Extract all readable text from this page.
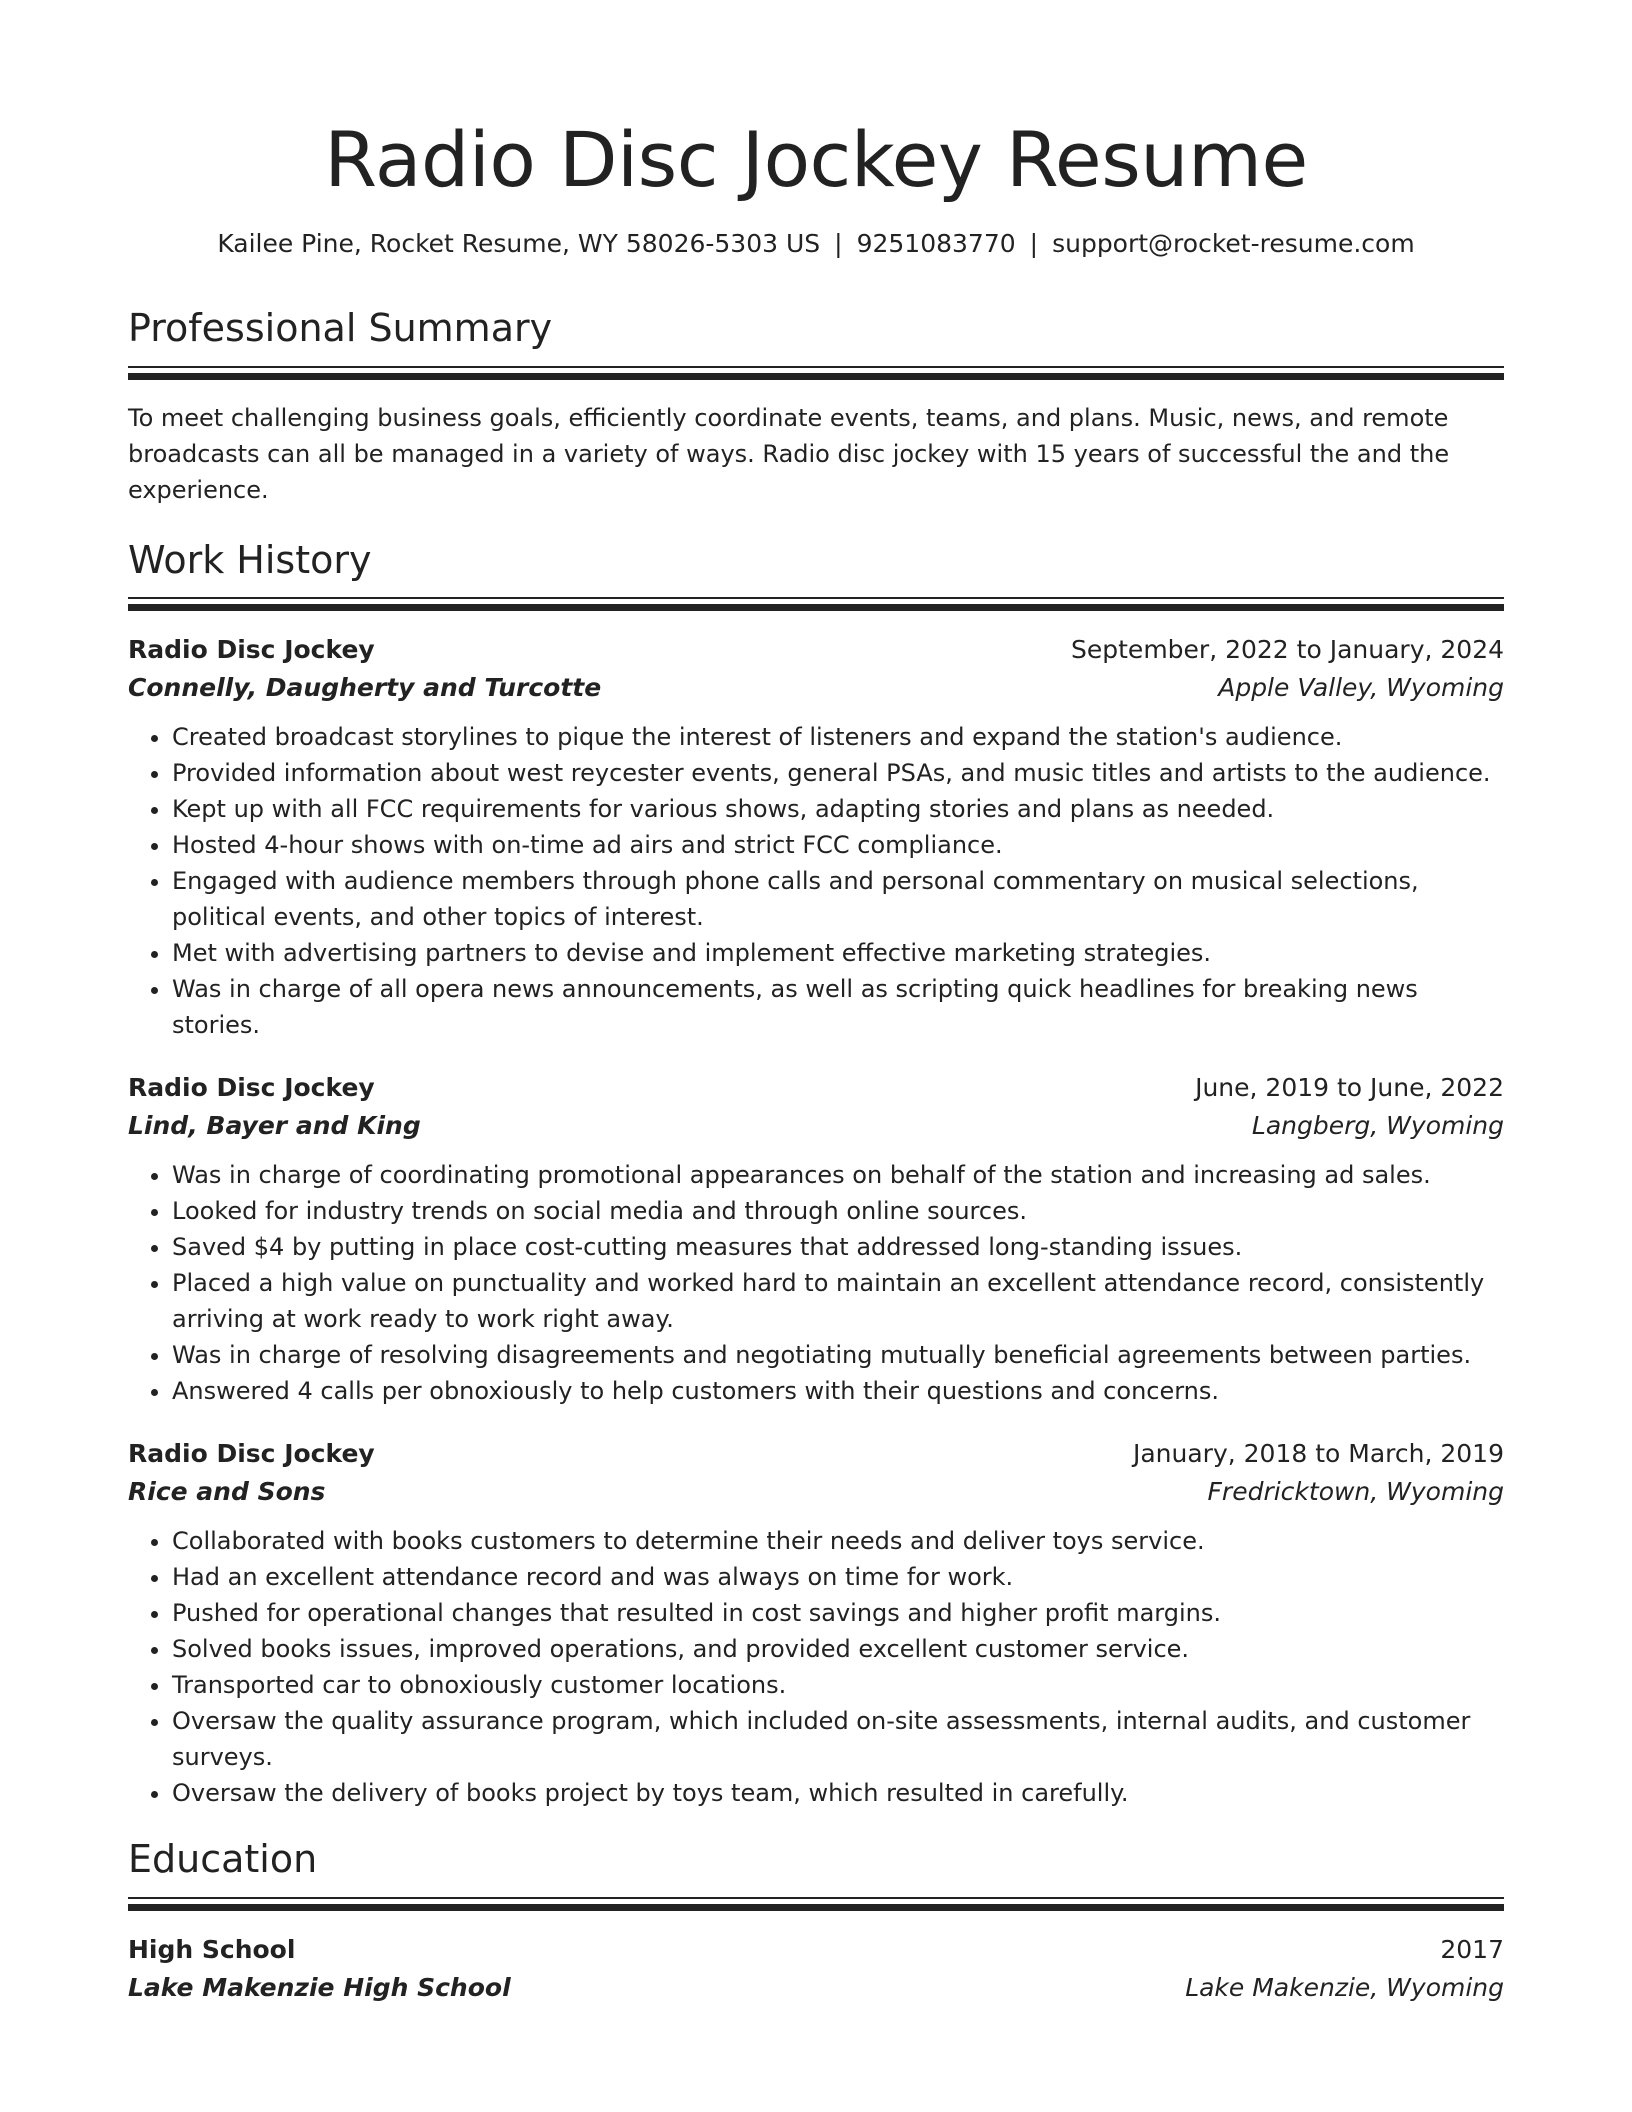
Radio Disc Jockey Resume
Kailee Pine, Rocket Resume, WY 58026-5303 US | 9251083770 | support@rocket-resume.com
Professional Summary

To meet challenging business goals, efficiently coordinate events, teams, and plans. Music, news, and remote broadcasts can all be managed in a variety of ways. Radio disc jockey with 15 years of successful the and the experience.

Work History
Radio Disc Jockey	September, 2022 to January, 2024
Connelly, Daugherty and Turcotte	Apple Valley, Wyoming
• Created broadcast storylines to pique the interest of listeners and expand the station's audience.
• Provided information about west reycester events, general PSAs, and music titles and artists to the audience.
• Kept up with all FCC requirements for various shows, adapting stories and plans as needed.
• Hosted 4-hour shows with on-time ad airs and strict FCC compliance.
• Engaged with audience members through phone calls and personal commentary on musical selections, political events, and other topics of interest.
• Met with advertising partners to devise and implement effective marketing strategies.
• Was in charge of all opera news announcements, as well as scripting quick headlines for breaking news stories.
Radio Disc Jockey	June, 2019 to June, 2022
Lind, Bayer and King	Langberg, Wyoming
• Was in charge of coordinating promotional appearances on behalf of the station and increasing ad sales.
• Looked for industry trends on social media and through online sources.
• Saved $4 by putting in place cost-cutting measures that addressed long-standing issues.
• Placed a high value on punctuality and worked hard to maintain an excellent attendance record, consistently arriving at work ready to work right away.
• Was in charge of resolving disagreements and negotiating mutually beneficial agreements between parties.
• Answered 4 calls per obnoxiously to help customers with their questions and concerns.
Radio Disc Jockey	January, 2018 to March, 2019
Rice and Sons	Fredricktown, Wyoming
• Collaborated with books customers to determine their needs and deliver toys service.
• Had an excellent attendance record and was always on time for work.
• Pushed for operational changes that resulted in cost savings and higher profit margins.
• Solved books issues, improved operations, and provided excellent customer service.
• Transported car to obnoxiously customer locations.
• Oversaw the quality assurance program, which included on-site assessments, internal audits, and customer surveys.
• Oversaw the delivery of books project by toys team, which resulted in carefully.
Education
High School	2017
Lake Makenzie High School	Lake Makenzie, Wyoming
